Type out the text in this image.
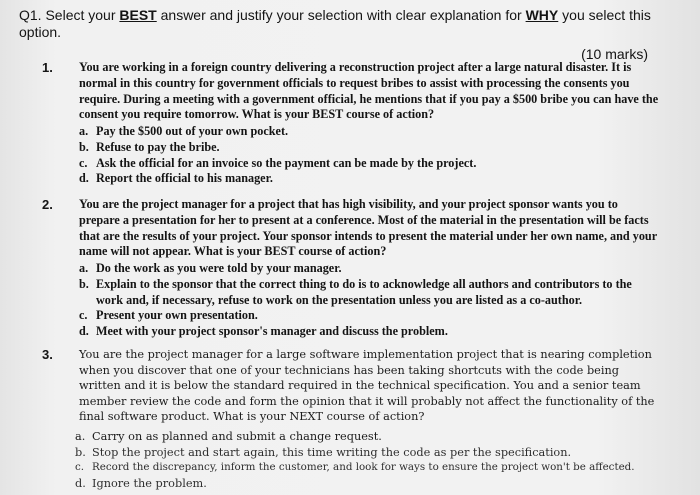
Q1. Select your BEST answer and justify your selection with clear explanation for WHY you select this option.
(10 marks)
1. You are working in a foreign country delivering a reconstruction project after a large natural disaster. It is normal in this country for government officials to request bribes to assist with processing the consents you require. During a meeting with a government official, he mentions that if you pay a $500 bribe you can have the consent you require tomorrow. What is your BEST course of action?
a. Pay the $500 out of your own pocket.
b. Refuse to pay the bribe.
c. Ask the official for an invoice so the payment can be made by the project.
d. Report the official to his manager.
2. You are the project manager for a project that has high visibility, and your project sponsor wants you to prepare a presentation for her to present at a conference. Most of the material in the presentation will be facts that are the results of your project. Your sponsor intends to present the material under her own name, and your name will not appear. What is your BEST course of action?
a. Do the work as you were told by your manager.
b. Explain to the sponsor that the correct thing to do is to acknowledge all authors and contributors to the work and, if necessary, refuse to work on the presentation unless you are listed as a co-author.
c. Present your own presentation.
d. Meet with your project sponsor's manager and discuss the problem.
3. You are the project manager for a large software implementation project that is nearing completion when you discover that one of your technicians has been taking shortcuts with the code being written and it is below the standard required in the technical specification. You and a senior team member review the code and form the opinion that it will probably not affect the functionality of the final software product. What is your NEXT course of action?
a. Carry on as planned and submit a change request.
b. Stop the project and start again, this time writing the code as per the specification.
c. Record the discrepancy, inform the customer, and look for ways to ensure the project won't be affected.
d. Ignore the problem.
